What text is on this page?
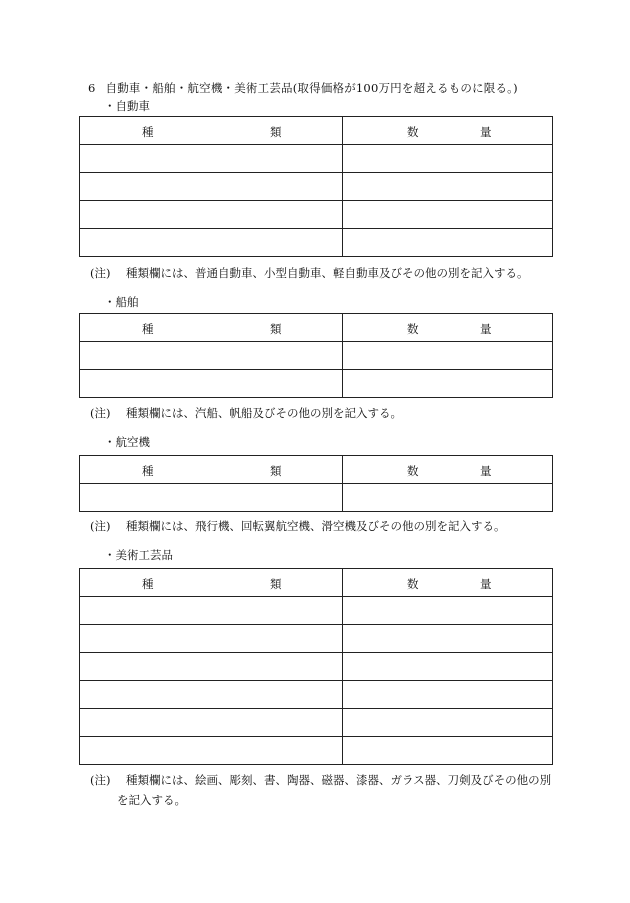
6 自動車・船舶・航空機・美術工芸品(取得価格が100万円を超えるものに限る。)
・自動車
種 類	数 量

(注) 種類欄には、普通自動車、小型自動車、軽自動車及びその他の別を記入する。
・船舶
種 類	数 量

(注) 種類欄には、汽船、帆船及びその他の別を記入する。
・航空機
種 類	数 量

(注) 種類欄には、飛行機、回転翼航空機、滑空機及びその他の別を記入する。
・美術工芸品
種 類	数 量

(注) 種類欄には、絵画、彫刻、書、陶器、磁器、漆器、ガラス器、刀剣及びその他の別
を記入する。
